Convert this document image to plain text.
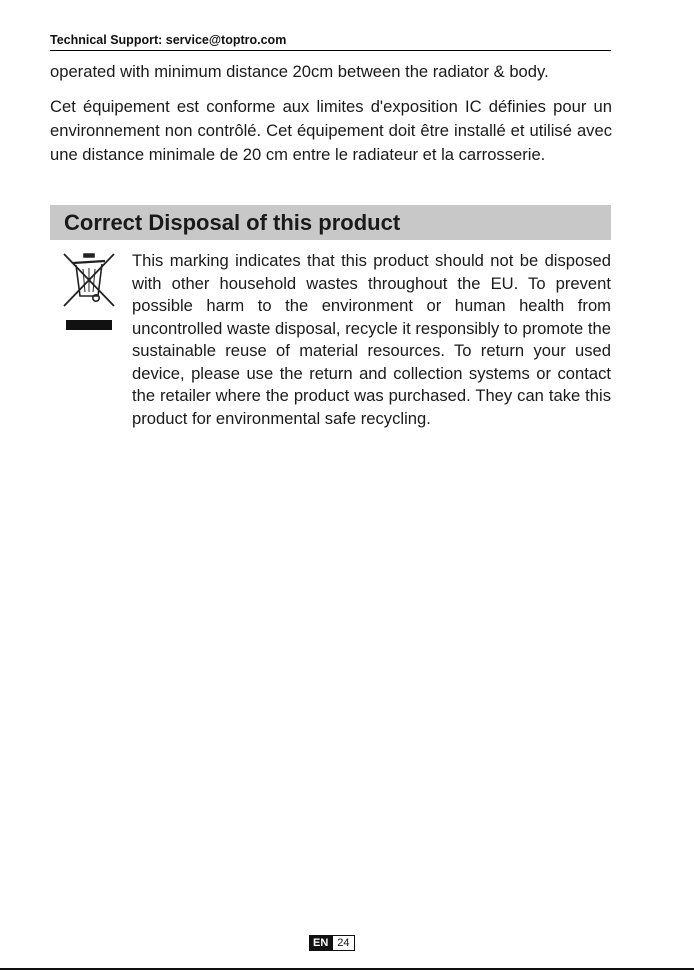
Technical Support: service@toptro.com
operated with minimum distance 20cm between the radiator & body.
Cet équipement est conforme aux limites d'exposition IC définies pour un environnement non contrôlé. Cet équipement doit être installé et utilisé avec une distance minimale de 20 cm entre le radiateur et la carrosserie.
Correct Disposal of this product
This marking indicates that this product should not be disposed with other household wastes throughout the EU. To prevent possible harm to the environment or human health from uncontrolled waste disposal, recycle it responsibly to promote the sustainable reuse of material resources. To return your used device, please use the return and collection systems or contact the retailer where the product was purchased. They can take this product for environmental safe recycling.
EN 24
